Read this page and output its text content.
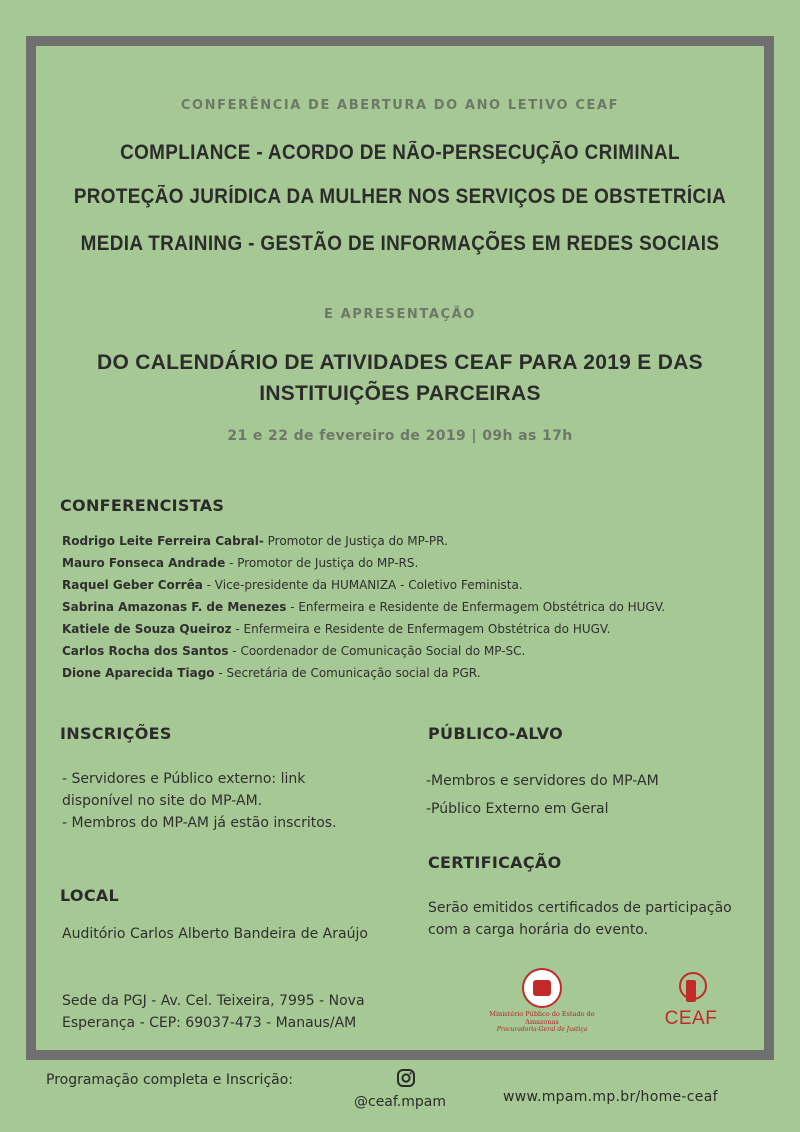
CONFERÊNCIA DE ABERTURA DO ANO LETIVO CEAF
COMPLIANCE - ACORDO DE NÃO-PERSECUÇÃO CRIMINAL
PROTEÇÃO JURÍDICA DA MULHER NOS SERVIÇOS DE OBSTETRÍCIA
MEDIA TRAINING - GESTÃO DE INFORMAÇÕES EM REDES SOCIAIS
E APRESENTAÇÃO
DO CALENDÁRIO DE ATIVIDADES CEAF PARA 2019 E DAS INSTITUIÇÕES PARCEIRAS
21 e 22 de fevereiro de 2019 | 09h as 17h
CONFERENCISTAS
Rodrigo Leite Ferreira Cabral- Promotor de Justiça do MP-PR.
Mauro Fonseca Andrade - Promotor de Justiça do MP-RS.
Raquel Geber Corrêa - Vice-presidente da HUMANIZA - Coletivo Feminista.
Sabrina Amazonas F. de Menezes - Enfermeira e Residente de Enfermagem Obstétrica do HUGV.
Katiele de Souza Queiroz - Enfermeira e Residente de Enfermagem Obstétrica do HUGV.
Carlos Rocha dos Santos - Coordenador de Comunicação Social do MP-SC.
Dione Aparecida Tiago - Secretária de Comunicação social da PGR.
INSCRIÇÕES
- Servidores e Público externo: link disponível no site do MP-AM.
- Membros do MP-AM já estão inscritos.
PÚBLICO-ALVO
-Membros e servidores do MP-AM
-Público Externo em Geral
CERTIFICAÇÃO
Serão emitidos certificados de participação com a carga horária do evento.
LOCAL
Auditório Carlos Alberto Bandeira de Araújo
Sede da PGJ - Av. Cel. Teixeira, 7995 - Nova Esperança - CEP: 69037-473 - Manaus/AM
Ministério Público do Estado do Amazonas
Procuradoria-Geral de Justiça
CEAF
Programação completa e Inscrição:
@ceaf.mpam	www.mpam.mp.br/home-ceaf
